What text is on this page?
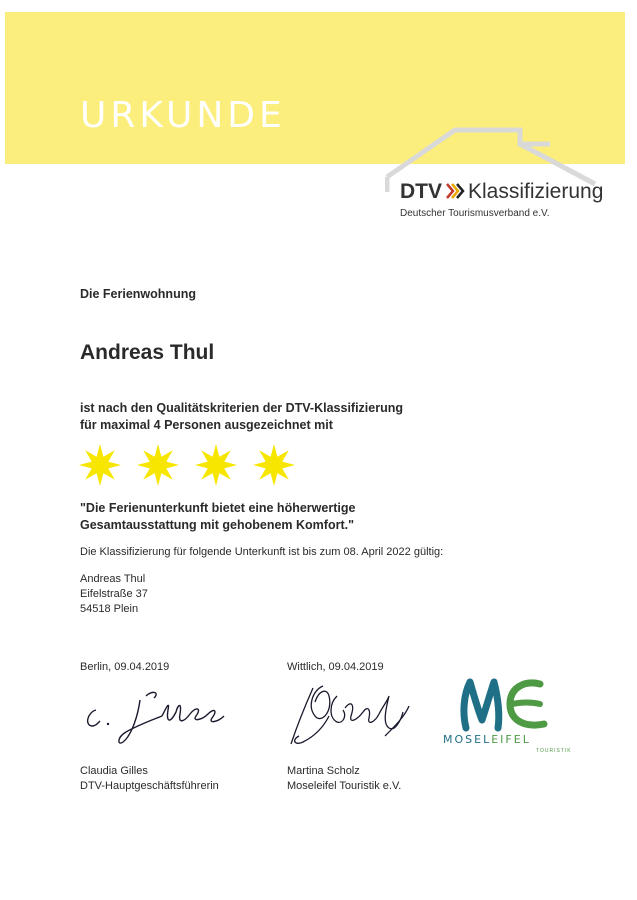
URKUNDE
DTV Klassifizierung
Deutscher Tourismusverband e.V.
Die Ferienwohnung
Andreas Thul
ist nach den Qualitätskriterien der DTV-Klassifizierung
für maximal 4 Personen ausgezeichnet mit
"Die Ferienunterkunft bietet eine höherwertige
Gesamtausstattung mit gehobenem Komfort."
Die Klassifizierung für folgende Unterkunft ist bis zum 08. April 2022 gültig:
Andreas Thul
Eifelstraße 37
54518 Plein
Berlin, 09.04.2019	Wittlich, 09.04.2019
Claudia Gilles
DTV-Hauptgeschäftsführerin
Martina Scholz
Moseleifel Touristik e.V.
MOSELEIFEL
TOURISTIK
